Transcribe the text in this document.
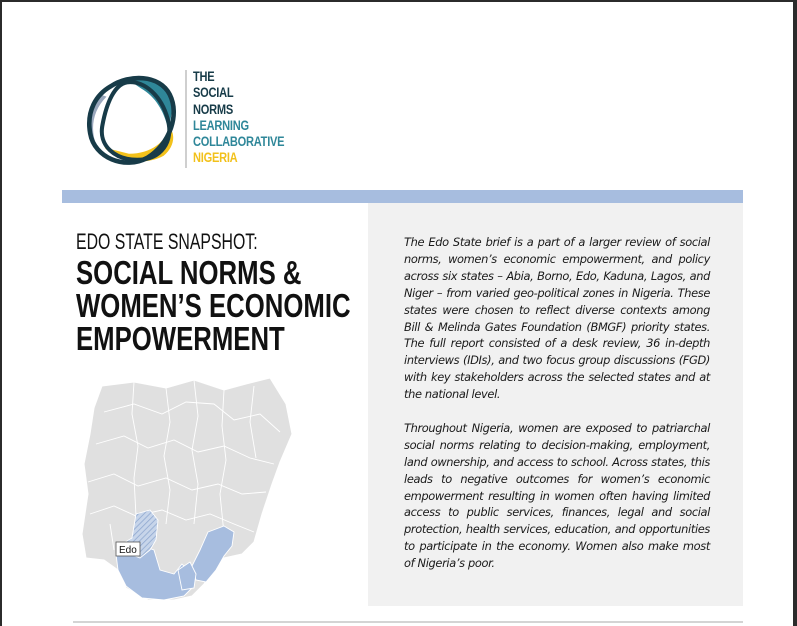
THE
SOCIAL
NORMS
LEARNING
COLLABORATIVE
NIGERIA
EDO STATE SNAPSHOT:
SOCIAL NORMS &
WOMEN’S ECONOMIC
EMPOWERMENT
Edo

The Edo State brief is a part of a larger review of social norms, women’s economic empowerment, and policy across six states – Abia, Borno, Edo, Kaduna, Lagos, and Niger – from varied geo-political zones in Nigeria. These states were chosen to reflect diverse contexts among Bill & Melinda Gates Foundation (BMGF) priority states. The full report consisted of a desk review, 36 in-depth interviews (IDIs), and two focus group discussions (FGD) with key stakeholders across the selected states and at the national level.

Throughout Nigeria, women are exposed to patriarchal social norms relating to decision-making, employment, land ownership, and access to school. Across states, this leads to negative outcomes for women’s economic empowerment resulting in women often having limited access to public services, finances, legal and social protection, health services, education, and opportunities to participate in the economy. Women also make most of Nigeria’s poor.
